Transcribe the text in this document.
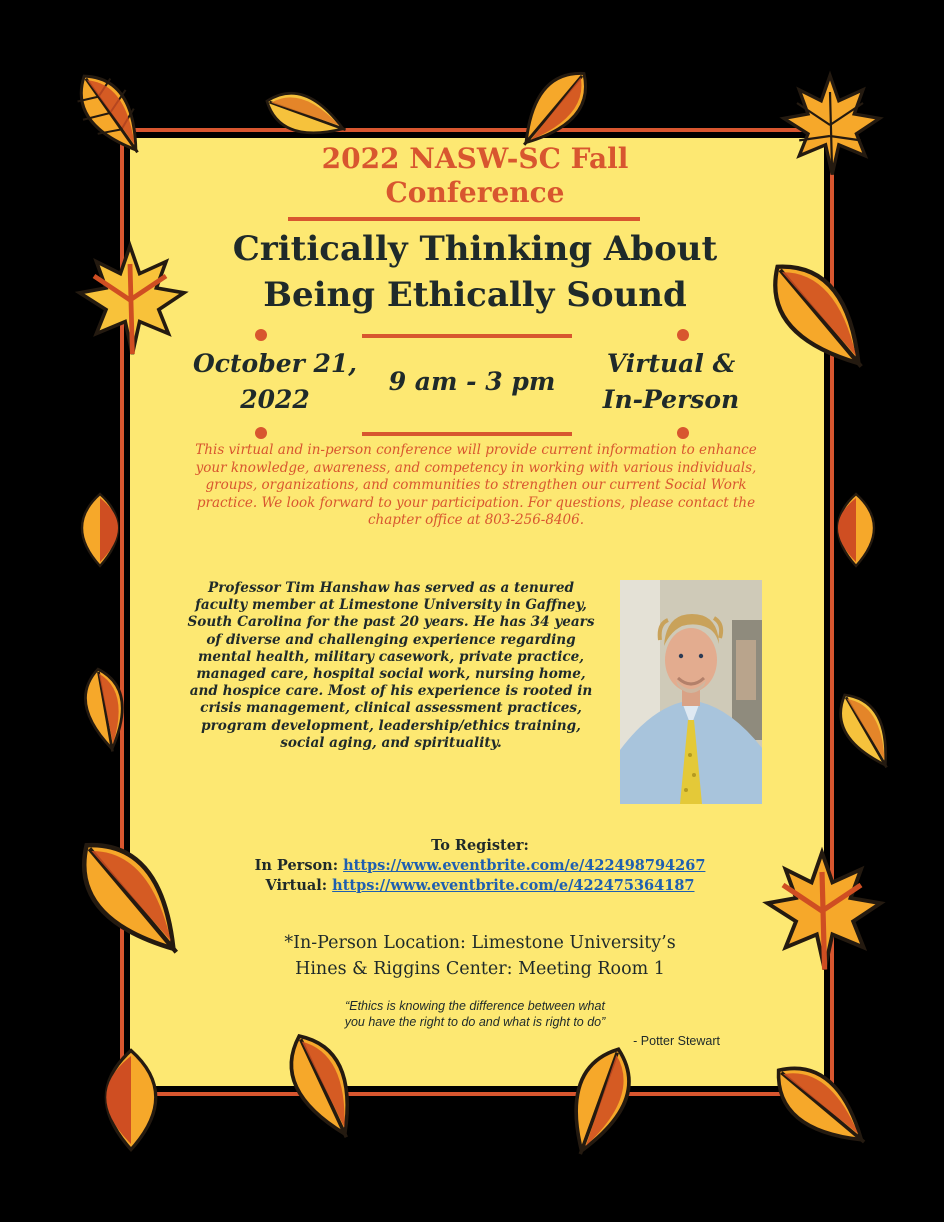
2022 NASW-SC Fall
Conference
Critically Thinking About
Being Ethically Sound
October 21,
2022
9 am - 3 pm
Virtual &
In-Person
This virtual and in-person conference will provide current information to enhance your knowledge, awareness, and competency in working with various individuals, groups, organizations, and communities to strengthen our current Social Work practice. We look forward to your participation. For questions, please contact the chapter office at 803-256-8406.
Professor Tim Hanshaw has served as a tenured faculty member at Limestone University in Gaffney, South Carolina for the past 20 years. He has 34 years of diverse and challenging experience regarding mental health, military casework, private practice, managed care, hospital social work, nursing home, and hospice care. Most of his experience is rooted in crisis management, clinical assessment practices, program development, leadership/ethics training, social aging, and spirituality.
To Register:
In Person: https://www.eventbrite.com/e/422498794267
Virtual: https://www.eventbrite.com/e/422475364187
*In-Person Location: Limestone University’s
Hines & Riggins Center: Meeting Room 1
“Ethics is knowing the difference between what
you have the right to do and what is right to do”
- Potter Stewart
